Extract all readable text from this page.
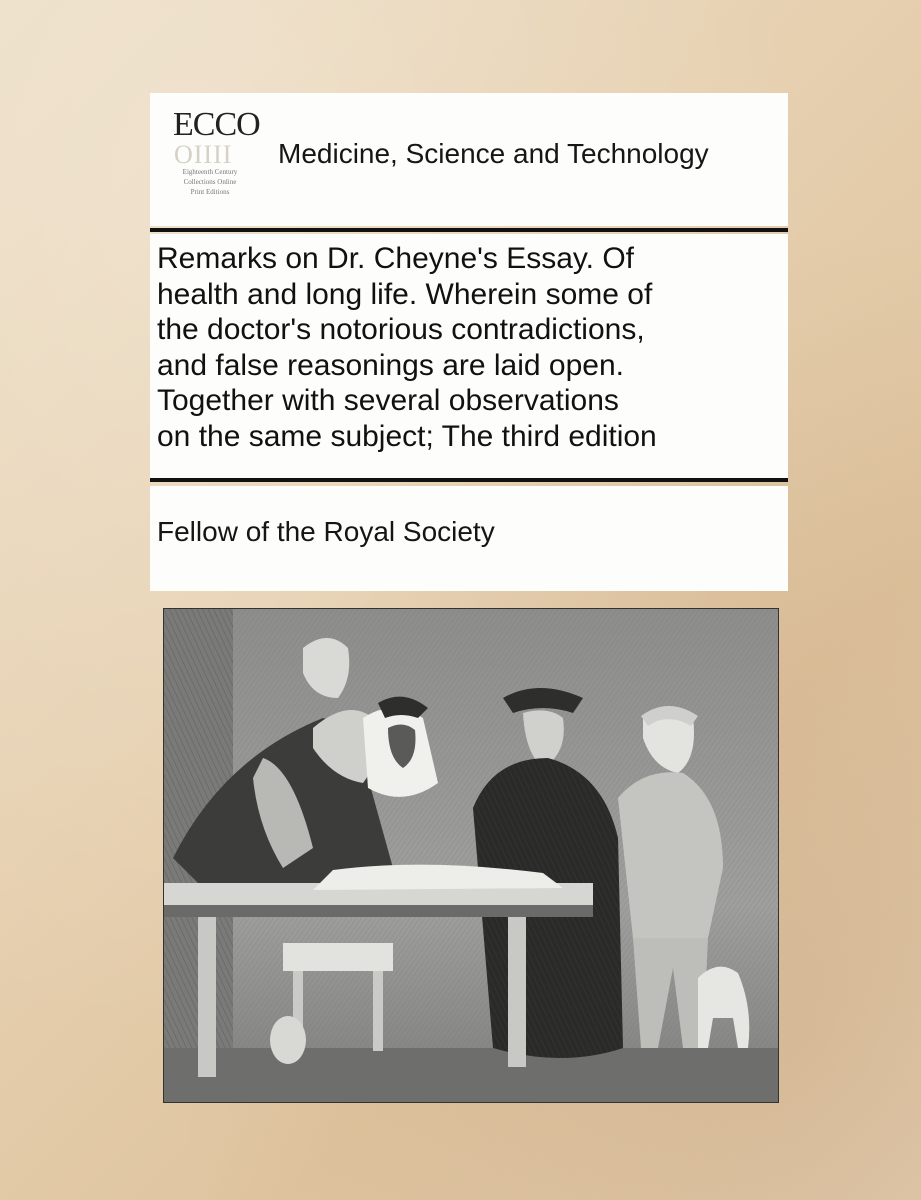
ECCO
OIIII
Eighteenth Century
Collections Online
Print Editions
Medicine, Science and Technology
Remarks on Dr. Cheyne's Essay. Of
health and long life. Wherein some of
the doctor's notorious contradictions,
and false reasonings are laid open.
Together with several observations
on the same subject; The third edition
Fellow of the Royal Society
